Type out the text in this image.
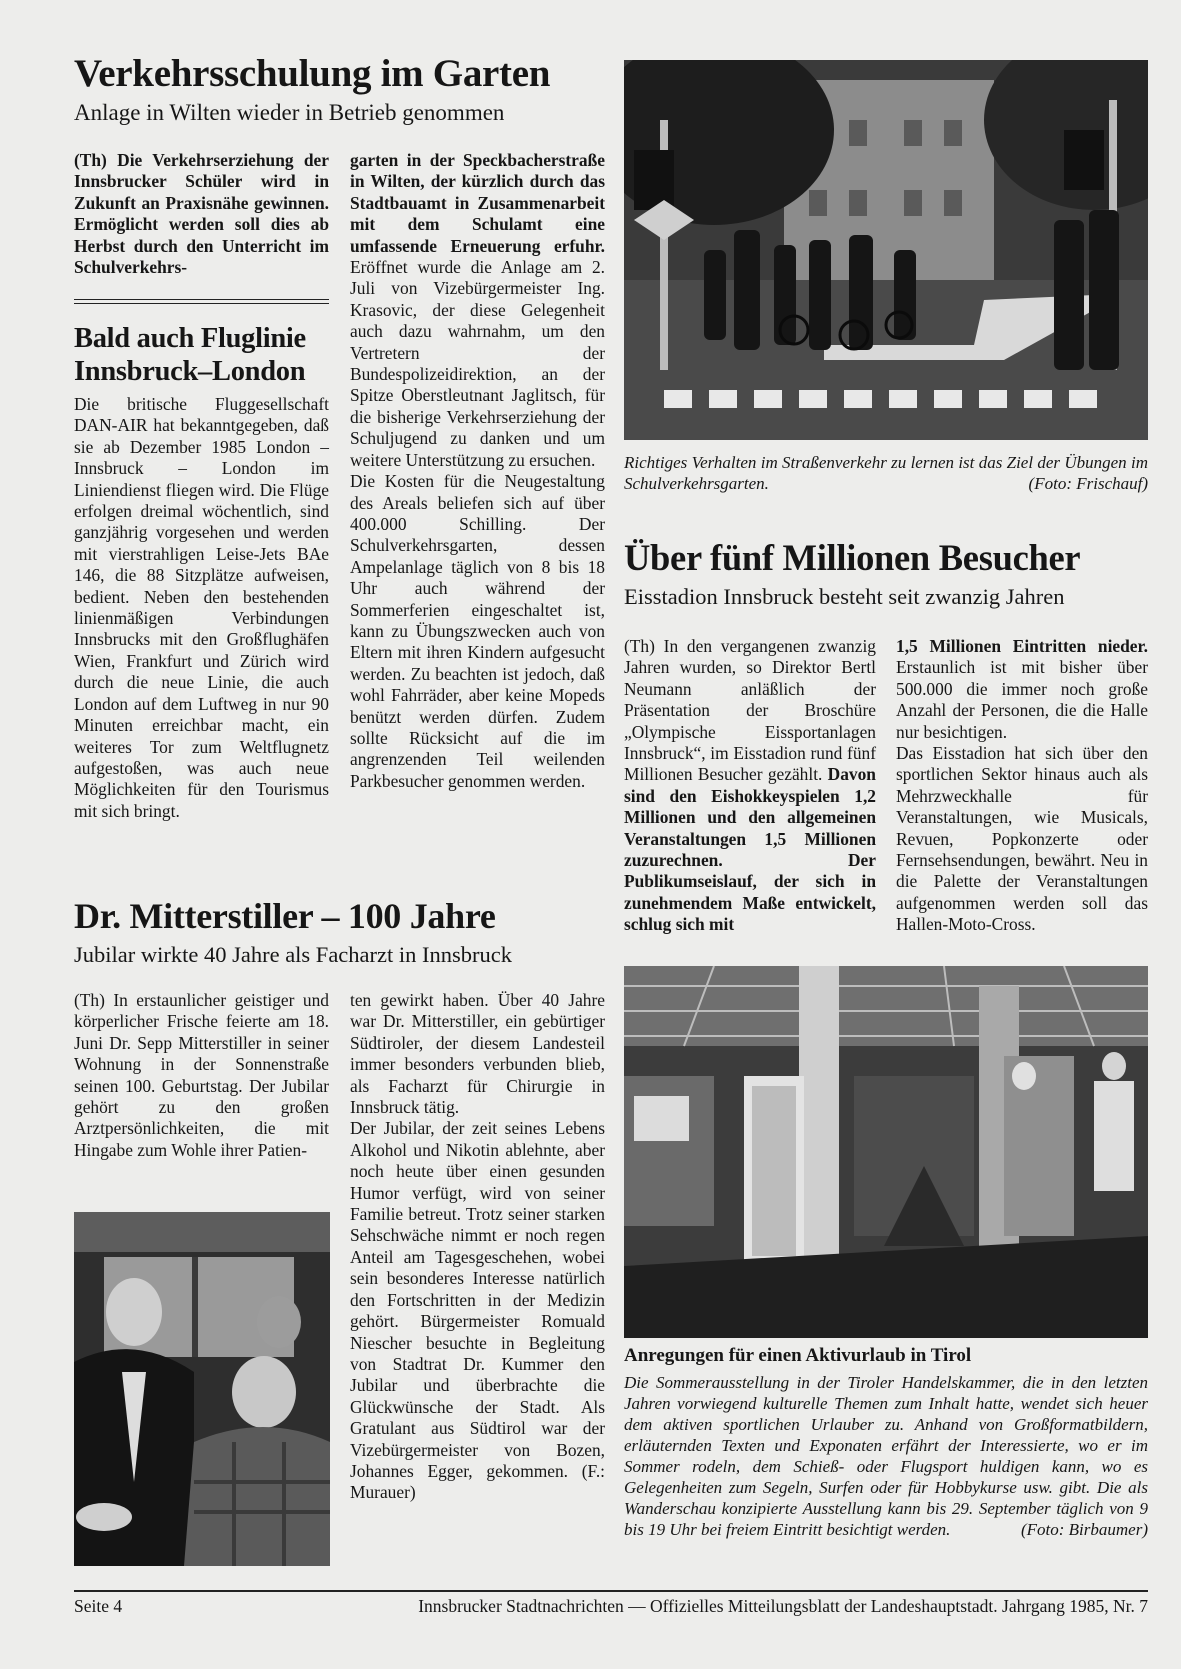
Verkehrsschulung im Garten
Anlage in Wilten wieder in Betrieb genommen
(Th) Die Verkehrserziehung der Innsbrucker Schüler wird in Zukunft an Praxisnähe gewinnen. Ermöglicht werden soll dies ab Herbst durch den Unterricht im Schulverkehrs-
Bald auch Fluglinie Innsbruck–London
Die britische Fluggesellschaft DAN-AIR hat bekanntgegeben, daß sie ab Dezember 1985 London – Innsbruck – London im Liniendienst fliegen wird. Die Flüge erfolgen dreimal wöchentlich, sind ganzjährig vorgesehen und werden mit vierstrahligen Leise-Jets BAe 146, die 88 Sitzplätze aufweisen, bedient. Neben den bestehenden linienmäßigen Verbindungen Innsbrucks mit den Großflughäfen Wien, Frankfurt und Zürich wird durch die neue Linie, die auch London auf dem Luftweg in nur 90 Minuten erreichbar macht, ein weiteres Tor zum Weltflugnetz aufgestoßen, was auch neue Möglichkeiten für den Tourismus mit sich bringt.
garten in der Speckbacherstraße in Wilten, der kürzlich durch das Stadtbauamt in Zusammenarbeit mit dem Schulamt eine umfassende Erneuerung erfuhr. Eröffnet wurde die Anlage am 2. Juli von Vizebürgermeister Ing. Krasovic, der diese Gelegenheit auch dazu wahrnahm, um den Vertretern der Bundespolizeidirektion, an der Spitze Oberstleutnant Jaglitsch, für die bisherige Verkehrserziehung der Schuljugend zu danken und um weitere Unterstützung zu ersuchen.

Die Kosten für die Neugestaltung des Areals beliefen sich auf über 400.000 Schilling. Der Schulverkehrsgarten, dessen Ampelanlage täglich von 8 bis 18 Uhr auch während der Sommerferien eingeschaltet ist, kann zu Übungszwecken auch von Eltern mit ihren Kindern aufgesucht werden. Zu beachten ist jedoch, daß wohl Fahrräder, aber keine Mopeds benützt werden dürfen. Zudem sollte Rücksicht auf die im angrenzenden Teil weilenden Parkbesucher genommen werden.

Richtiges Verhalten im Straßenverkehr zu lernen ist das Ziel der Übungen im Schulverkehrsgarten.	(Foto: Frischauf)
Über fünf Millionen Besucher
Eisstadion Innsbruck besteht seit zwanzig Jahren
(Th) In den vergangenen zwanzig Jahren wurden, so Direktor Bertl Neumann anläßlich der Präsentation der Broschüre „Olympische Eissportanlagen Innsbruck“, im Eisstadion rund fünf Millionen Besucher gezählt. Davon sind den Eishokkeyspielen 1,2 Millionen und den allgemeinen Veranstaltungen 1,5 Millionen zuzurechnen. Der Publikumseislauf, der sich in zunehmendem Maße entwickelt, schlug sich mit
1,5 Millionen Eintritten nieder. Erstaunlich ist mit bisher über 500.000 die immer noch große Anzahl der Personen, die die Halle nur besichtigen.

Das Eisstadion hat sich über den sportlichen Sektor hinaus auch als Mehrzweckhalle für Veranstaltungen, wie Musicals, Revuen, Popkonzerte oder Fernsehsendungen, bewährt. Neu in die Palette der Veranstaltungen aufgenommen werden soll das Hallen-Moto-Cross.

Dr. Mitterstiller – 100 Jahre
Jubilar wirkte 40 Jahre als Facharzt in Innsbruck
(Th) In erstaunlicher geistiger und körperlicher Frische feierte am 18. Juni Dr. Sepp Mitterstiller in seiner Wohnung in der Sonnenstraße seinen 100. Geburtstag. Der Jubilar gehört zu den großen Arztpersönlichkeiten, die mit Hingabe zum Wohle ihrer Patien-

ten gewirkt haben. Über 40 Jahre war Dr. Mitterstiller, ein gebürtiger Südtiroler, der diesem Landesteil immer besonders verbunden blieb, als Facharzt für Chirurgie in Innsbruck tätig.

Der Jubilar, der zeit seines Lebens Alkohol und Nikotin ablehnte, aber noch heute über einen gesunden Humor verfügt, wird von seiner Familie betreut. Trotz seiner starken Sehschwäche nimmt er noch regen Anteil am Tagesgeschehen, wobei sein besonderes Interesse natürlich den Fortschritten in der Medizin gehört. Bürgermeister Romuald Niescher besuchte in Begleitung von Stadtrat Dr. Kummer den Jubilar und überbrachte die Glückwünsche der Stadt. Als Gratulant aus Südtirol war der Vizebürgermeister von Bozen, Johannes Egger, gekommen. (F.: Murauer)

Anregungen für einen Aktivurlaub in Tirol
Die Sommerausstellung in der Tiroler Handelskammer, die in den letzten Jahren vorwiegend kulturelle Themen zum Inhalt hatte, wendet sich heuer dem aktiven sportlichen Urlauber zu. Anhand von Großformatbildern, erläuternden Texten und Exponaten erfährt der Interessierte, wo er im Sommer rodeln, dem Schieß- oder Flugsport huldigen kann, wo es Gelegenheiten zum Segeln, Surfen oder für Hobbykurse usw. gibt. Die als Wanderschau konzipierte Ausstellung kann bis 29. September täglich von 9 bis 19 Uhr bei freiem Eintritt besichtigt werden.	(Foto: Birbaumer)
Seite 4	Innsbrucker Stadtnachrichten — Offizielles Mitteilungsblatt der Landeshauptstadt. Jahrgang 1985, Nr. 7
